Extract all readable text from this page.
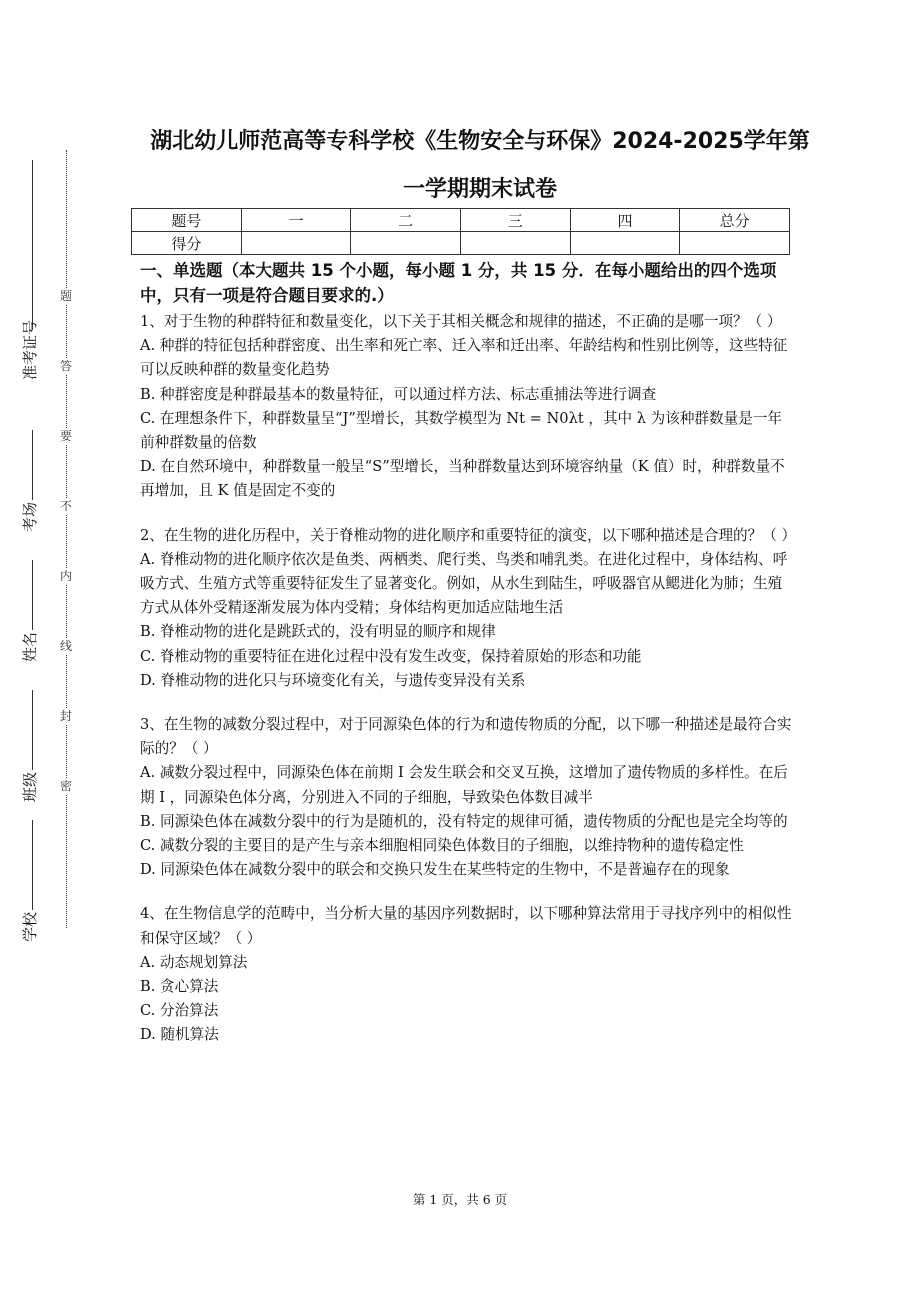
题
答
要
不
内
线
封
密
准考证号
考场
姓名
班级
学校
湖北幼儿师范高等专科学校《生物安全与环保》2024-2025学年第
一学期期末试卷
题号	一	二	三	四	总分
得分					
一、单选题（本大题共 15 个小题，每小题 1 分，共 15 分．在每小题给出的四个选项中，只有一项是符合题目要求的.）

1、对于生物的种群特征和数量变化，以下关于其相关概念和规律的描述，不正确的是哪一项？（ ）

A. 种群的特征包括种群密度、出生率和死亡率、迁入率和迁出率、年龄结构和性别比例等，这些特征可以反映种群的数量变化趋势

B. 种群密度是种群最基本的数量特征，可以通过样方法、标志重捕法等进行调查

C. 在理想条件下，种群数量呈“J”型增长，其数学模型为 Nt = N0λt ，其中 λ 为该种群数量是一年前种群数量的倍数

D. 在自然环境中，种群数量一般呈“S”型增长，当种群数量达到环境容纳量（K 值）时，种群数量不再增加，且 K 值是固定不变的

2、在生物的进化历程中，关于脊椎动物的进化顺序和重要特征的演变，以下哪种描述是合理的？（ ）

A. 脊椎动物的进化顺序依次是鱼类、两栖类、爬行类、鸟类和哺乳类。在进化过程中，身体结构、呼吸方式、生殖方式等重要特征发生了显著变化。例如，从水生到陆生，呼吸器官从鳃进化为肺；生殖方式从体外受精逐渐发展为体内受精；身体结构更加适应陆地生活

B. 脊椎动物的进化是跳跃式的，没有明显的顺序和规律

C. 脊椎动物的重要特征在进化过程中没有发生改变，保持着原始的形态和功能

D. 脊椎动物的进化只与环境变化有关，与遗传变异没有关系

3、在生物的减数分裂过程中，对于同源染色体的行为和遗传物质的分配，以下哪一种描述是最符合实际的？（ ）

A. 减数分裂过程中，同源染色体在前期 Ⅰ 会发生联会和交叉互换，这增加了遗传物质的多样性。在后期 Ⅰ ，同源染色体分离，分别进入不同的子细胞，导致染色体数目减半

B. 同源染色体在减数分裂中的行为是随机的，没有特定的规律可循，遗传物质的分配也是完全均等的

C. 减数分裂的主要目的是产生与亲本细胞相同染色体数目的子细胞，以维持物种的遗传稳定性

D. 同源染色体在减数分裂中的联会和交换只发生在某些特定的生物中，不是普遍存在的现象

4、在生物信息学的范畴中，当分析大量的基因序列数据时，以下哪种算法常用于寻找序列中的相似性和保守区域？（ ）

A. 动态规划算法

B. 贪心算法

C. 分治算法

D. 随机算法

第 1 页，共 6 页
